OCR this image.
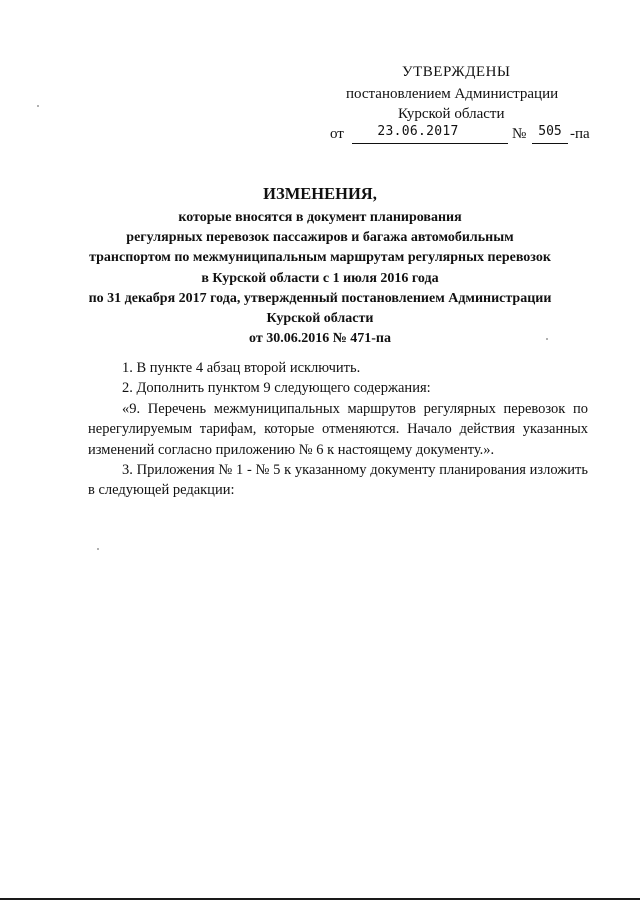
УТВЕРЖДЕНЫ
постановлением Администрации
Курской области
от	23.06.2017	№ 505 -па
ИЗМЕНЕНИЯ,
которые вносятся в документ планирования
регулярных перевозок пассажиров и багажа автомобильным
транспортом по межмуниципальным маршрутам регулярных перевозок
в Курской области с 1 июля 2016 года
по 31 декабря 2017 года, утвержденный постановлением Администрации
Курской области
от 30.06.2016 № 471-па

1. В пункте 4 абзац второй исключить.

2. Дополнить пунктом 9 следующего содержания:

«9. Перечень межмуниципальных маршрутов регулярных перевозок по нерегулируемым тарифам, которые отменяются. Начало действия указанных изменений согласно приложению № 6 к настоящему документу.».

3. Приложения № 1 - № 5 к указанному документу планирования изложить в следующей редакции:
